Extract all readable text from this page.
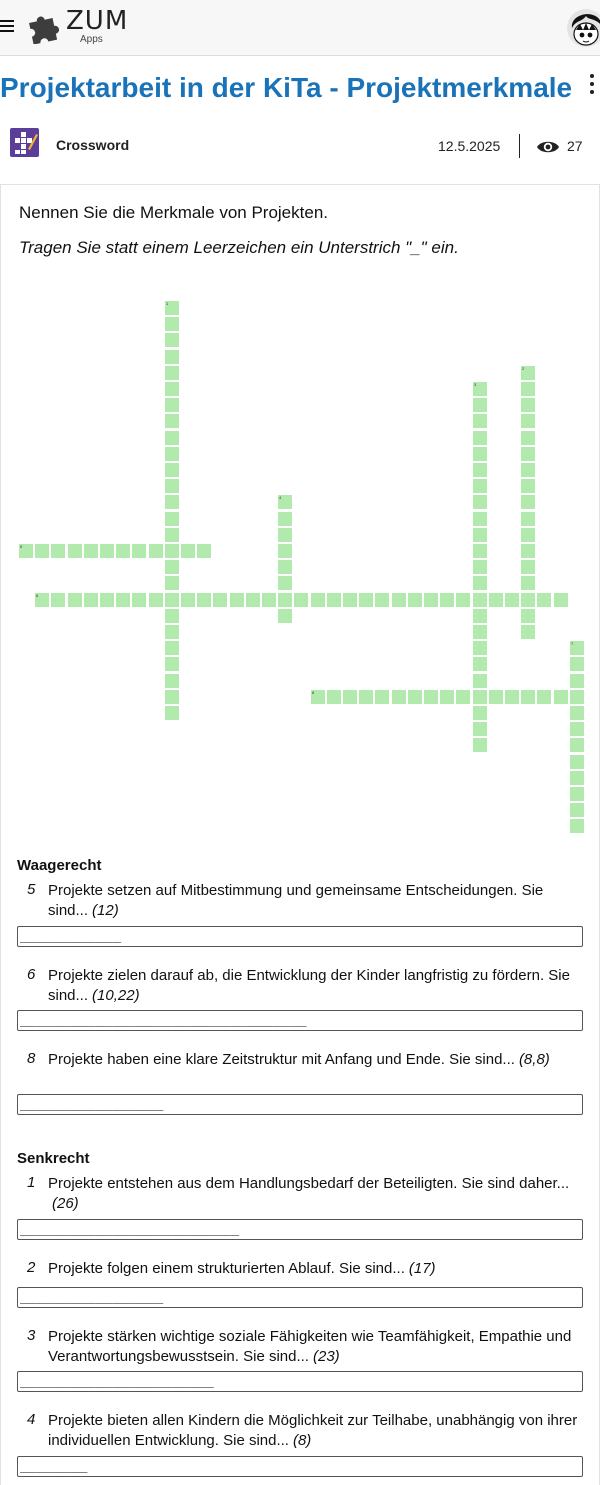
ZUM
Apps
Projektarbeit in der KiTa - Projektmerkmale
Crossword	12.5.2025	27

Nennen Sie die Merkmale von Projekten.

Tragen Sie statt einem Leerzeichen ein Unterstrich "_" ein.

1
2
3
4
5
6
7
8
Waagerecht
5 Projekte setzen auf Mitbestimmung und gemeinsame Entscheidungen. Sie sind... (12)

____________
6 Projekte zielen darauf ab, die Entwicklung der Kinder langfristig zu fördern. Sie sind... (10,22)

__________________________________
8 Projekte haben eine klare Zeitstruktur mit Anfang und Ende. Sie sind... (8,8)

_________________
Senkrecht
1 Projekte entstehen aus dem Handlungsbedarf der Beteiligten. Sie sind daher...(26)

__________________________
2 Projekte folgen einem strukturierten Ablauf. Sie sind... (17)

_________________
3 Projekte stärken wichtige soziale Fähigkeiten wie Teamfähigkeit, Empathie und Verantwortungsbewusstsein. Sie sind... (23)

_______________________
4 Projekte bieten allen Kindern die Möglichkeit zur Teilhabe, unabhängig von ihrer individuellen Entwicklung. Sie sind... (8)

________
